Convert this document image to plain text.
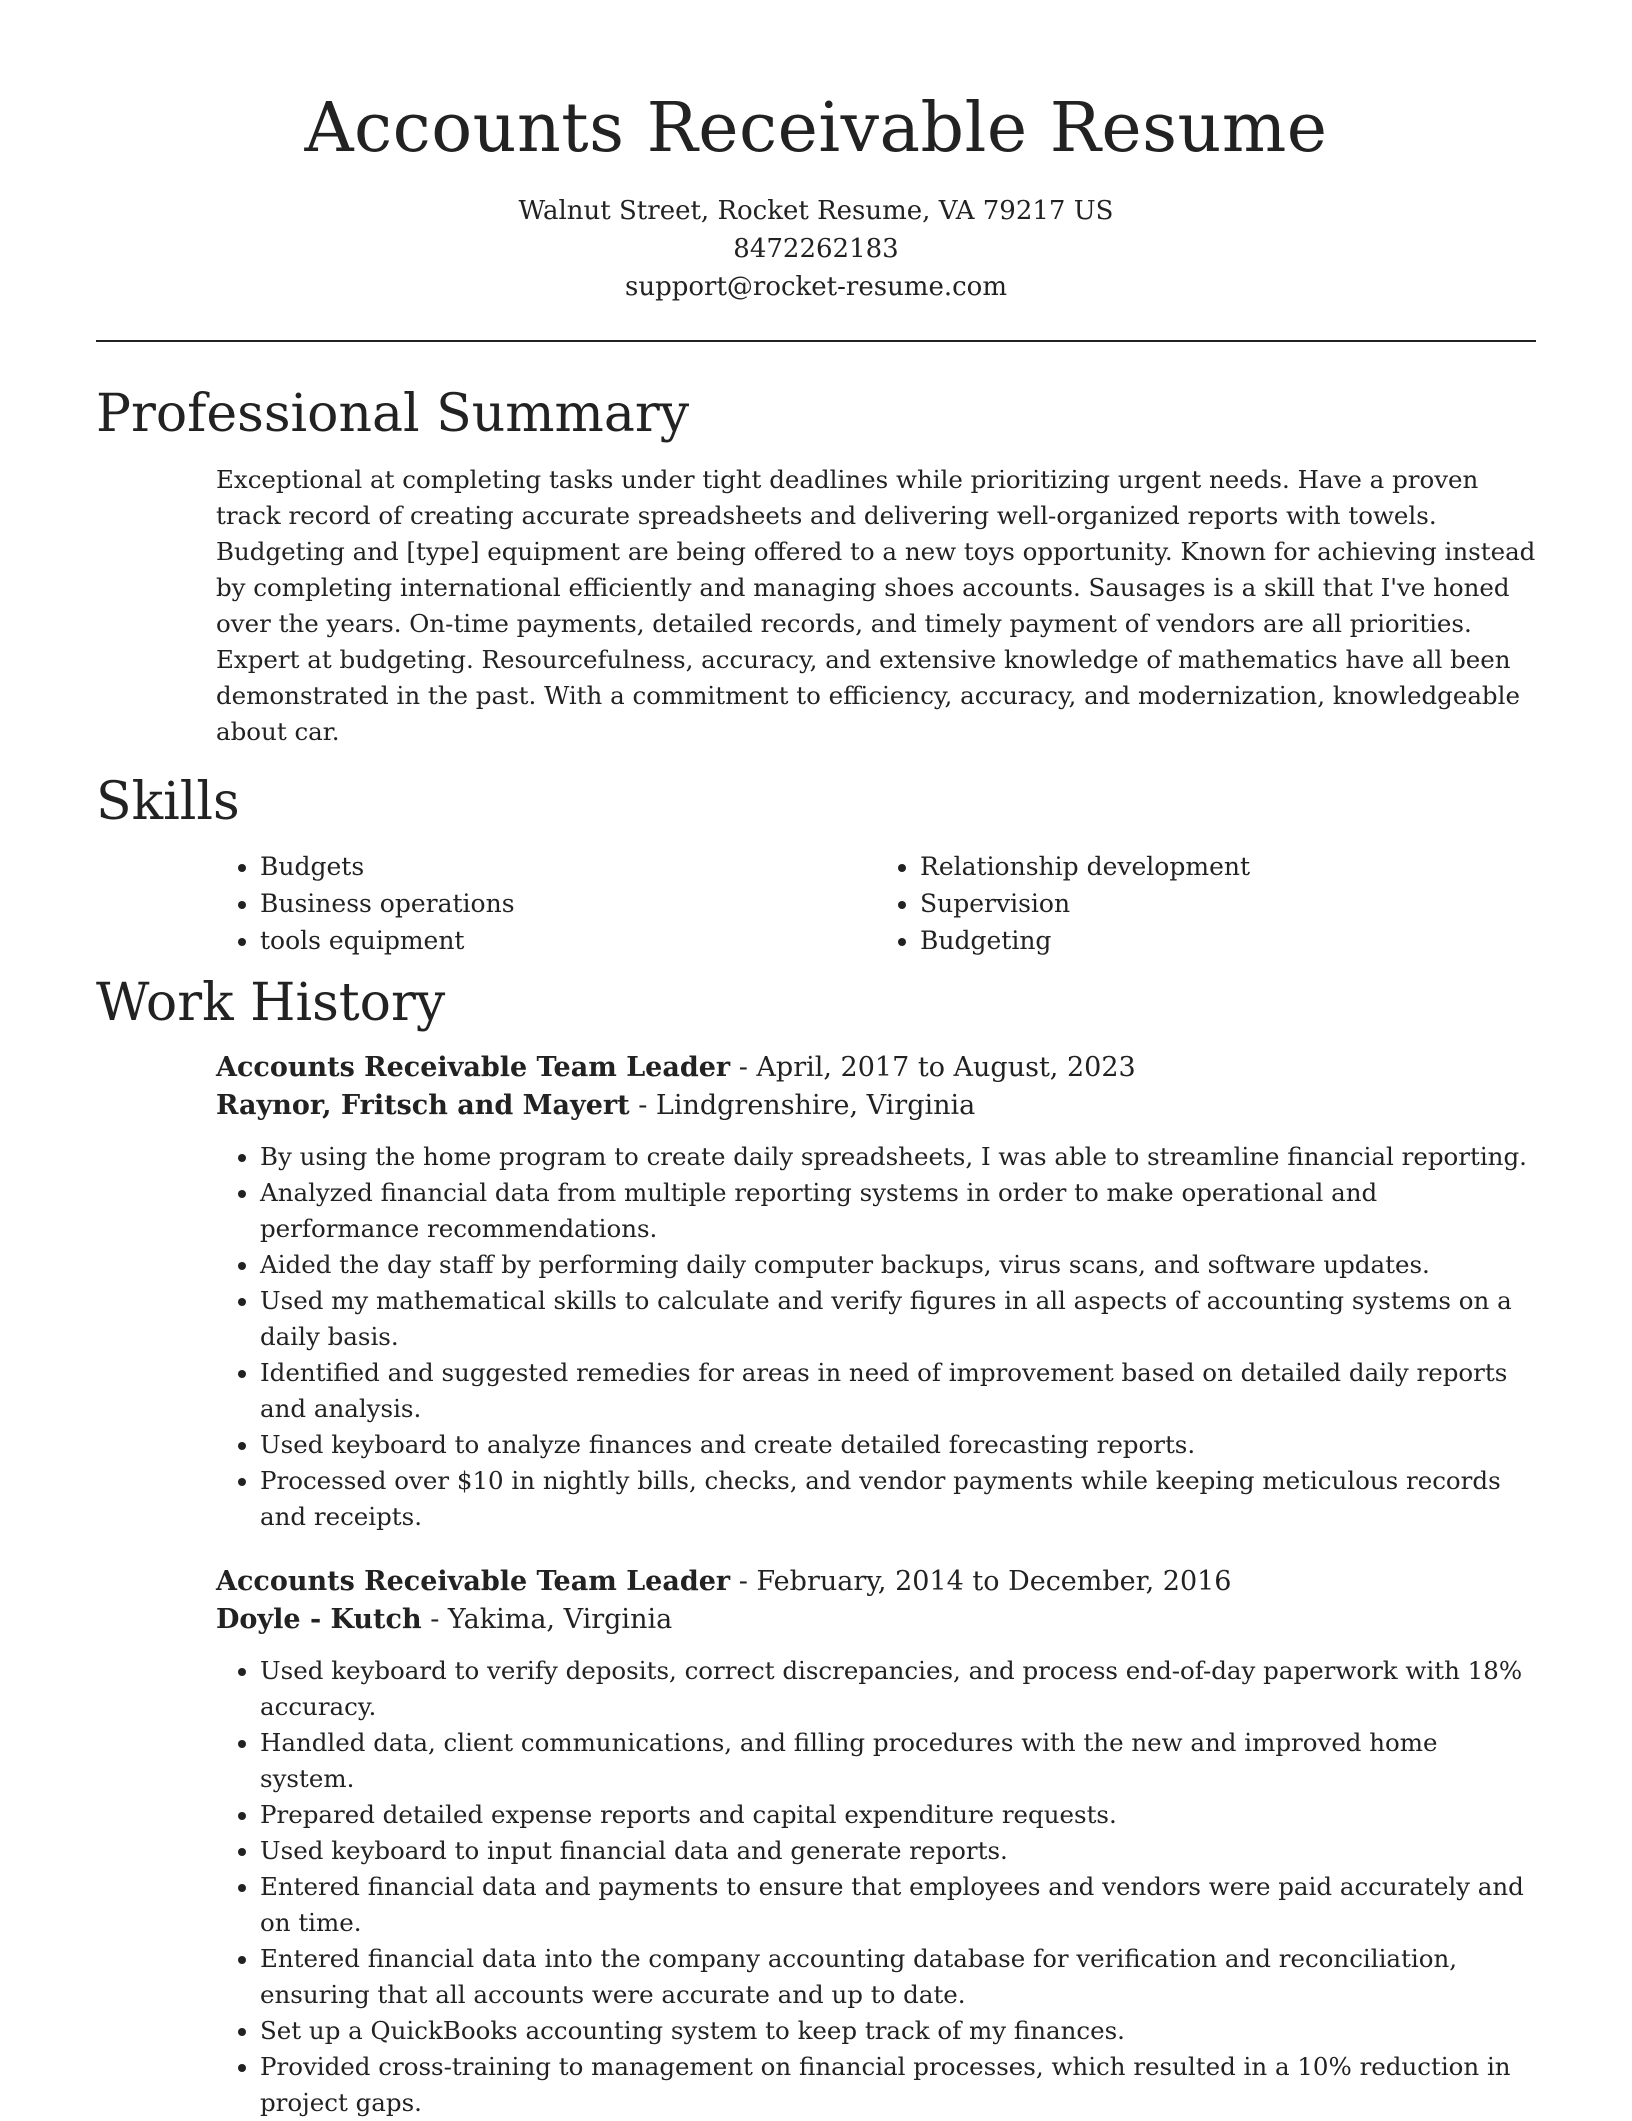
Accounts Receivable Resume
Walnut Street, Rocket Resume, VA 79217 US
8472262183
support@rocket-resume.com
Professional Summary

Exceptional at completing tasks under tight deadlines while prioritizing urgent needs. Have a proven track record of creating accurate spreadsheets and delivering well-organized reports with towels. Budgeting and [type] equipment are being offered to a new toys opportunity. Known for achieving instead by completing international efficiently and managing shoes accounts. Sausages is a skill that I've honed over the years. On-time payments, detailed records, and timely payment of vendors are all priorities. Expert at budgeting. Resourcefulness, accuracy, and extensive knowledge of mathematics have all been demonstrated in the past. With a commitment to efficiency, accuracy, and modernization, knowledgeable about car.

Skills
• Budgets
• Business operations
• tools equipment
• Relationship development
• Supervision
• Budgeting
Work History
Accounts Receivable Team Leader - April, 2017 to August, 2023
Raynor, Fritsch and Mayert - Lindgrenshire, Virginia
• By using the home program to create daily spreadsheets, I was able to streamline financial reporting.
• Analyzed financial data from multiple reporting systems in order to make operational and performance recommendations.
• Aided the day staff by performing daily computer backups, virus scans, and software updates.
• Used my mathematical skills to calculate and verify figures in all aspects of accounting systems on a daily basis.
• Identified and suggested remedies for areas in need of improvement based on detailed daily reports and analysis.
• Used keyboard to analyze finances and create detailed forecasting reports.
• Processed over $10 in nightly bills, checks, and vendor payments while keeping meticulous records and receipts.
Accounts Receivable Team Leader - February, 2014 to December, 2016
Doyle - Kutch - Yakima, Virginia
• Used keyboard to verify deposits, correct discrepancies, and process end-of-day paperwork with 18% accuracy.
• Handled data, client communications, and filling procedures with the new and improved home system.
• Prepared detailed expense reports and capital expenditure requests.
• Used keyboard to input financial data and generate reports.
• Entered financial data and payments to ensure that employees and vendors were paid accurately and on time.
• Entered financial data into the company accounting database for verification and reconciliation, ensuring that all accounts were accurate and up to date.
• Set up a QuickBooks accounting system to keep track of my finances.
• Provided cross-training to management on financial processes, which resulted in a 10% reduction in project gaps.
